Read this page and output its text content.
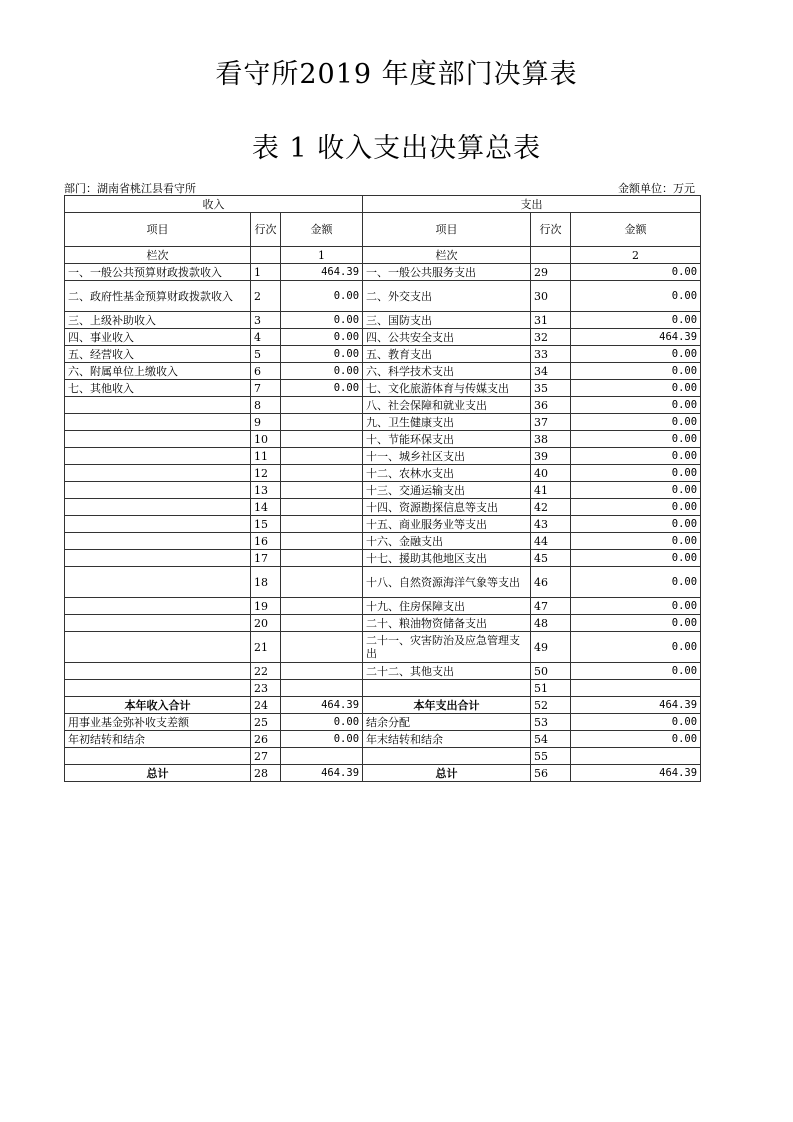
看守所2019 年度部门决算表
表 1 收入支出决算总表
部门：湖南省桃江县看守所	金额单位：万元
收入			支出		
项目	行次	金额	项目	行次	金额
栏次		1	栏次		2
一、一般公共预算财政拨款收入	1	464.39	一、一般公共服务支出	29	0.00
二、政府性基金预算财政拨款收入	2	0.00	二、外交支出	30	0.00
三、上级补助收入	3	0.00	三、国防支出	31	0.00
四、事业收入	4	0.00	四、公共安全支出	32	464.39
五、经营收入	5	0.00	五、教育支出	33	0.00
六、附属单位上缴收入	6	0.00	六、科学技术支出	34	0.00
七、其他收入	7	0.00	七、文化旅游体育与传媒支出	35	0.00
	8		八、社会保障和就业支出	36	0.00
	9		九、卫生健康支出	37	0.00
	10		十、节能环保支出	38	0.00
	11		十一、城乡社区支出	39	0.00
	12		十二、农林水支出	40	0.00
	13		十三、交通运输支出	41	0.00
	14		十四、资源勘探信息等支出	42	0.00
	15		十五、商业服务业等支出	43	0.00
	16		十六、金融支出	44	0.00
	17		十七、援助其他地区支出	45	0.00
	18		十八、自然资源海洋气象等支出	46	0.00
	19		十九、住房保障支出	47	0.00
	20		二十、粮油物资储备支出	48	0.00
	21		二十一、灾害防治及应急管理支出	49	0.00
	22		二十二、其他支出	50	0.00
	23			51	
本年收入合计	24	464.39	本年支出合计	52	464.39
用事业基金弥补收支差额	25	0.00	结余分配	53	0.00
年初结转和结余	26	0.00	年末结转和结余	54	0.00
	27			55	
总计	28	464.39	总计	56	464.39
